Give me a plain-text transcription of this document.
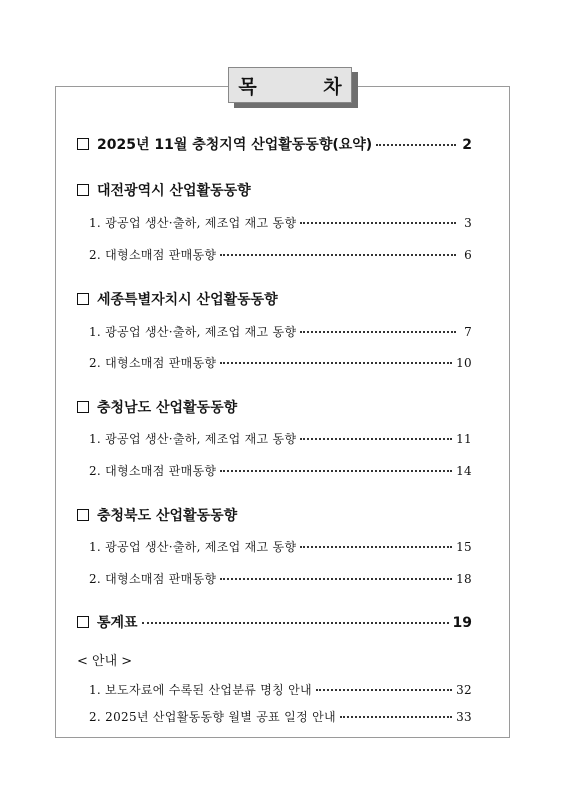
목 차
2025년 11월 충청지역 산업활동동향(요약)	2
대전광역시 산업활동동향
1. 광공업 생산·출하, 제조업 재고 동향	3
2. 대형소매점 판매동향	6
세종특별자치시 산업활동동향
1. 광공업 생산·출하, 제조업 재고 동향	7
2. 대형소매점 판매동향	10
충청남도 산업활동동향
1. 광공업 생산·출하, 제조업 재고 동향	11
2. 대형소매점 판매동향	14
충청북도 산업활동동향
1. 광공업 생산·출하, 제조업 재고 동향	15
2. 대형소매점 판매동향	18
통계표	19
< 안내 >
1. 보도자료에 수록된 산업분류 명칭 안내	32
2. 2025년 산업활동동향 월별 공표 일정 안내	33
